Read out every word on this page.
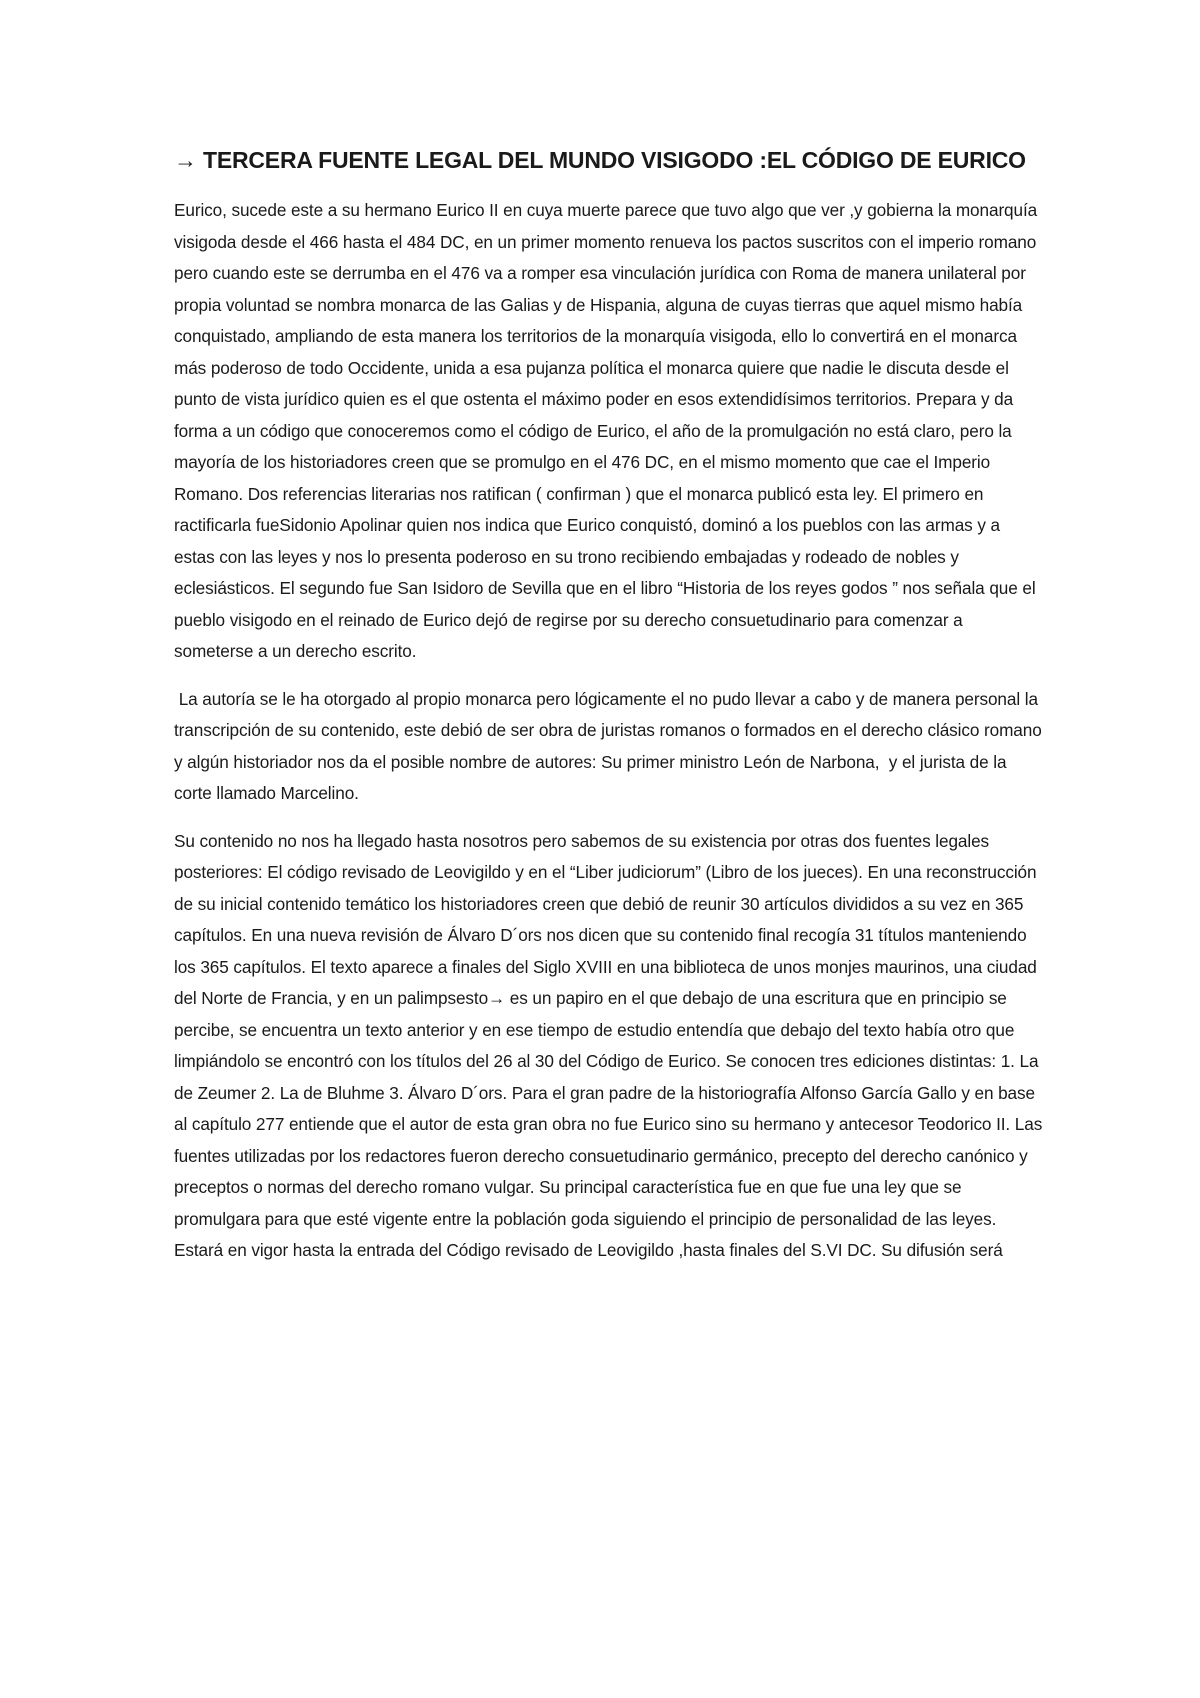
→ TERCERA FUENTE LEGAL DEL MUNDO VISIGODO :EL CÓDIGO DE EURICO

Eurico, sucede este a su hermano Eurico II en cuya muerte parece que tuvo algo que ver ,y gobierna la monarquía visigoda desde el 466 hasta el 484 DC, en un primer momento renueva los pactos suscritos con el imperio romano pero cuando este se derrumba en el 476 va a romper esa vinculación jurídica con Roma de manera unilateral por propia voluntad se nombra monarca de las Galias y de Hispania, alguna de cuyas tierras que aquel mismo había conquistado, ampliando de esta manera los territorios de la monarquía visigoda, ello lo convertirá en el monarca más poderoso de todo Occidente, unida a esa pujanza política el monarca quiere que nadie le discuta desde el punto de vista jurídico quien es el que ostenta el máximo poder en esos extendidísimos territorios. Prepara y da forma a un código que conoceremos como el código de Eurico, el año de la promulgación no está claro, pero la mayoría de los historiadores creen que se promulgo en el 476 DC, en el mismo momento que cae el Imperio Romano. Dos referencias literarias nos ratifican ( confirman ) que el monarca publicó esta ley. El primero en ractificarla fueSidonio Apolinar quien nos indica que Eurico conquistó, dominó a los pueblos con las armas y a estas con las leyes y nos lo presenta poderoso en su trono recibiendo embajadas y rodeado de nobles y eclesiásticos. El segundo fue San Isidoro de Sevilla que en el libro “Historia de los reyes godos ” nos señala que el pueblo visigodo en el reinado de Eurico dejó de regirse por su derecho consuetudinario para comenzar a someterse a un derecho escrito.

La autoría se le ha otorgado al propio monarca pero lógicamente el no pudo llevar a cabo y de manera personal la transcripción de su contenido, este debió de ser obra de juristas romanos o formados en el derecho clásico romano y algún historiador nos da el posible nombre de autores: Su primer ministro León de Narbona,  y el jurista de la corte llamado Marcelino.

Su contenido no nos ha llegado hasta nosotros pero sabemos de su existencia por otras dos fuentes legales posteriores: El código revisado de Leovigildo y en el “Liber judiciorum” (Libro de los jueces). En una reconstrucción de su inicial contenido temático los historiadores creen que debió de reunir 30 artículos divididos a su vez en 365 capítulos. En una nueva revisión de Álvaro D´ors nos dicen que su contenido final recogía 31 títulos manteniendo los 365 capítulos. El texto aparece a finales del Siglo XVIII en una biblioteca de unos monjes maurinos, una ciudad del Norte de Francia, y en un palimpsesto→ es un papiro en el que debajo de una escritura que en principio se percibe, se encuentra un texto anterior y en ese tiempo de estudio entendía que debajo del texto había otro que limpiándolo se encontró con los títulos del 26 al 30 del Código de Eurico. Se conocen tres ediciones distintas: 1. La de Zeumer 2. La de Bluhme 3. Álvaro D´ors. Para el gran padre de la historiografía Alfonso García Gallo y en base al capítulo 277 entiende que el autor de esta gran obra no fue Eurico sino su hermano y antecesor Teodorico II. Las fuentes utilizadas por los redactores fueron derecho consuetudinario germánico, precepto del derecho canónico y preceptos o normas del derecho romano vulgar. Su principal característica fue en que fue una ley que se promulgara para que esté vigente entre la población goda siguiendo el principio de personalidad de las leyes. Estará en vigor hasta la entrada del Código revisado de Leovigildo ,hasta finales del S.VI DC. Su difusión será
